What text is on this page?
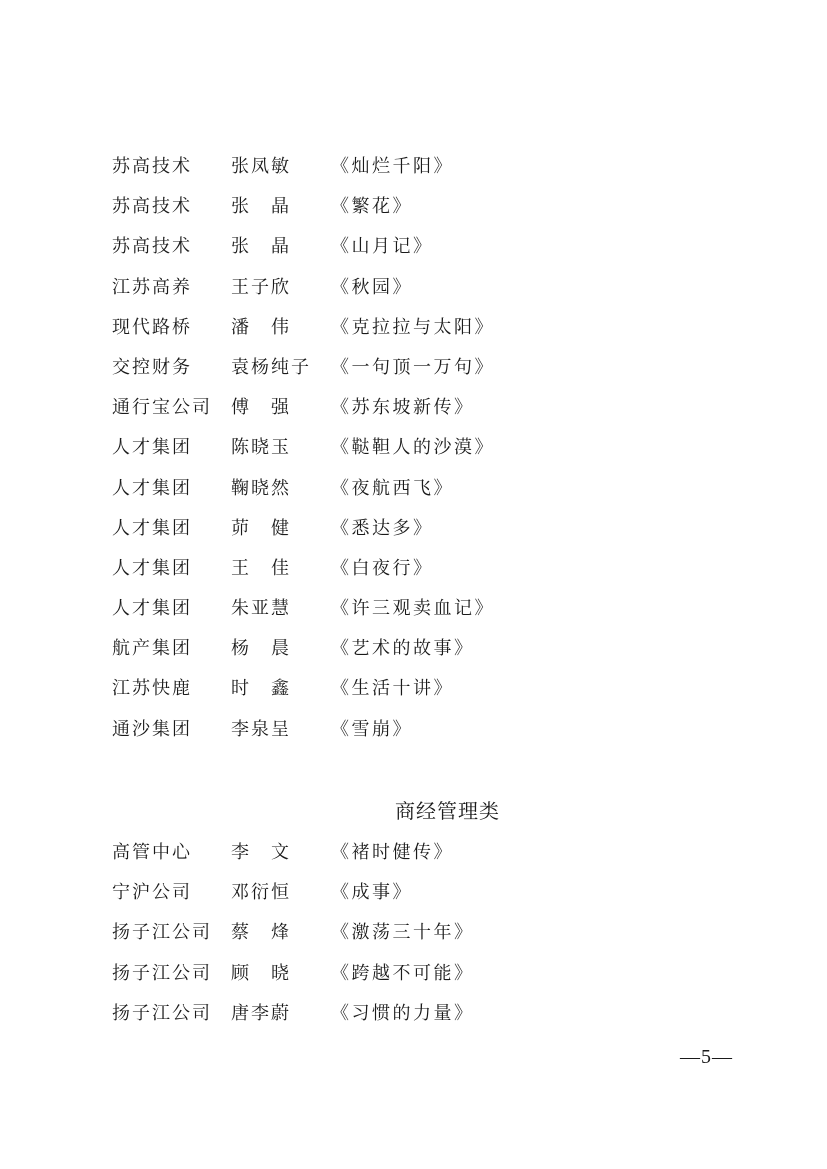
苏高技术 张凤敏 《灿烂千阳》
苏高技术 张　晶 《繁花》
苏高技术 张　晶 《山月记》
江苏高养 王子欣 《秋园》
现代路桥 潘　伟 《克拉拉与太阳》
交控财务 袁杨纯子 《一句顶一万句》
通行宝公司 傅　强 《苏东坡新传》
人才集团 陈晓玉 《鞑靼人的沙漠》
人才集团 鞠晓然 《夜航西飞》
人才集团 茆　健 《悉达多》
人才集团 王　佳 《白夜行》
人才集团 朱亚慧 《许三观卖血记》
航产集团 杨　晨 《艺术的故事》
江苏快鹿 时　鑫 《生活十讲》
通沙集团 李泉呈 《雪崩》
商经管理类
高管中心 李　文 《褚时健传》
宁沪公司 邓衍恒 《成事》
扬子江公司 蔡　烽 《激荡三十年》
扬子江公司 顾　晓 《跨越不可能》
扬子江公司 唐李蔚 《习惯的力量》
—5—
